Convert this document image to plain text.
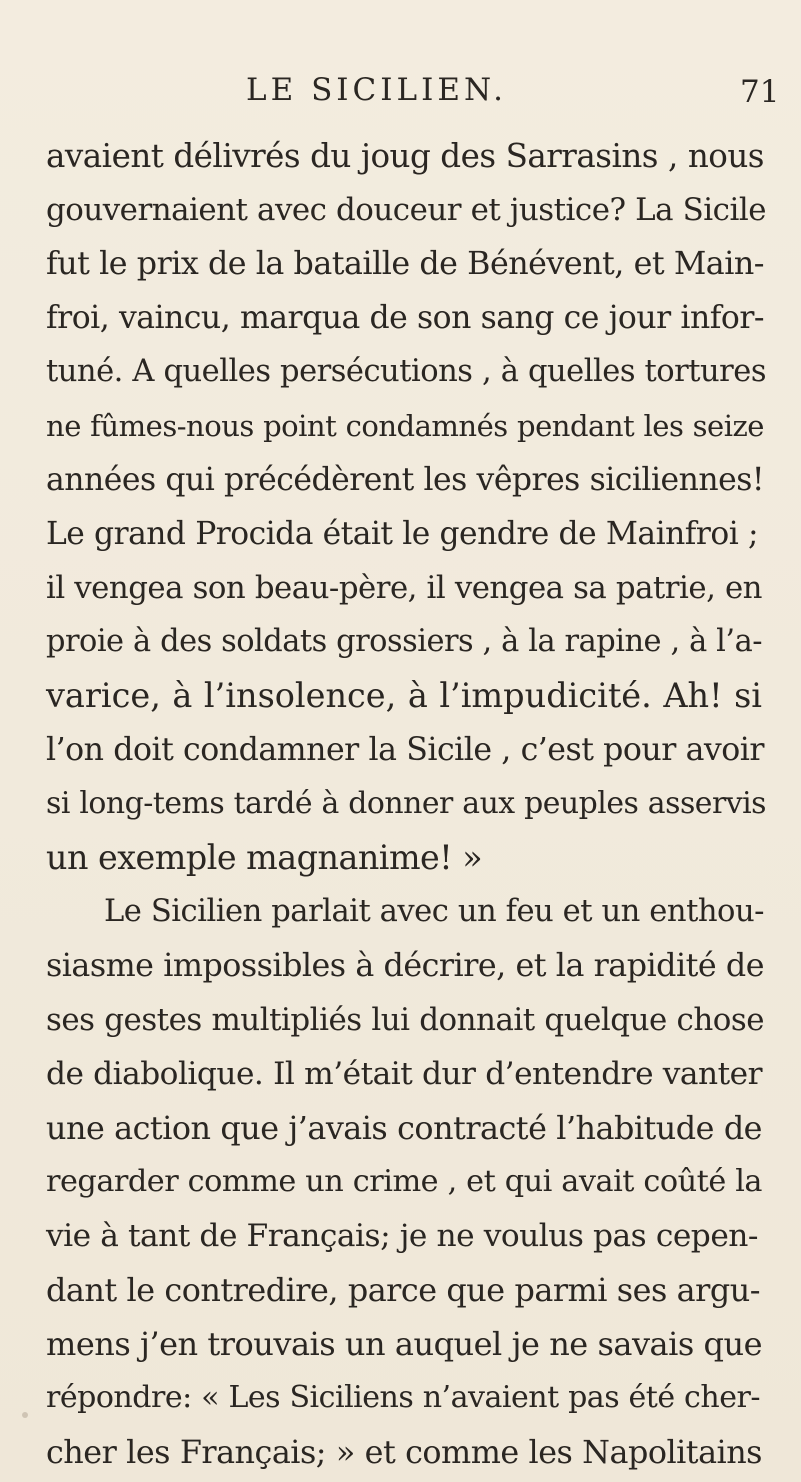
LE SICILIEN.	71
avaient délivrés du joug des Sarrasins , nous
gouvernaient avec douceur et justice? La Sicile
fut le prix de la bataille de Bénévent, et Main-
froi, vaincu, marqua de son sang ce jour infor-
tuné. A quelles persécutions , à quelles tortures
ne fûmes-nous point condamnés pendant les seize
années qui précédèrent les vêpres siciliennes!
Le grand Procida était le gendre de Mainfroi ;
il vengea son beau-père, il vengea sa patrie, en
proie à des soldats grossiers , à la rapine , à l’a-
varice, à l’insolence, à l’impudicité. Ah! si
l’on doit condamner la Sicile , c’est pour avoir
si long-tems tardé à donner aux peuples asservis
un exemple magnanime! »
Le Sicilien parlait avec un feu et un enthou-
siasme impossibles à décrire, et la rapidité de
ses gestes multipliés lui donnait quelque chose
de diabolique. Il m’était dur d’entendre vanter
une action que j’avais contracté l’habitude de
regarder comme un crime , et qui avait coûté la
vie à tant de Français; je ne voulus pas cepen-
dant le contredire, parce que parmi ses argu-
mens j’en trouvais un auquel je ne savais que
répondre: « Les Siciliens n’avaient pas été cher-
cher les Français; » et comme les Napolitains
